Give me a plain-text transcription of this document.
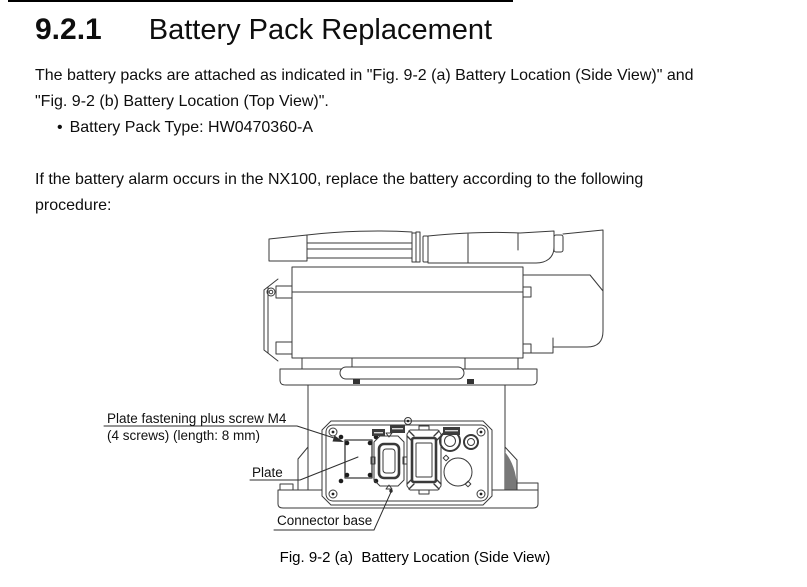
9.2.1 Battery Pack Replacement
The battery packs are attached as indicated in "Fig. 9-2 (a) Battery Location (Side View)" and
"Fig. 9-2 (b) Battery Location (Top View)".
• Battery Pack Type: HW0470360-A
If the battery alarm occurs in the NX100, replace the battery according to the following
procedure:
Plate fastening plus screw M4
(4 screws) (length: 8 mm)
Plate
Connector base
Fig. 9-2 (a)  Battery Location (Side View)
